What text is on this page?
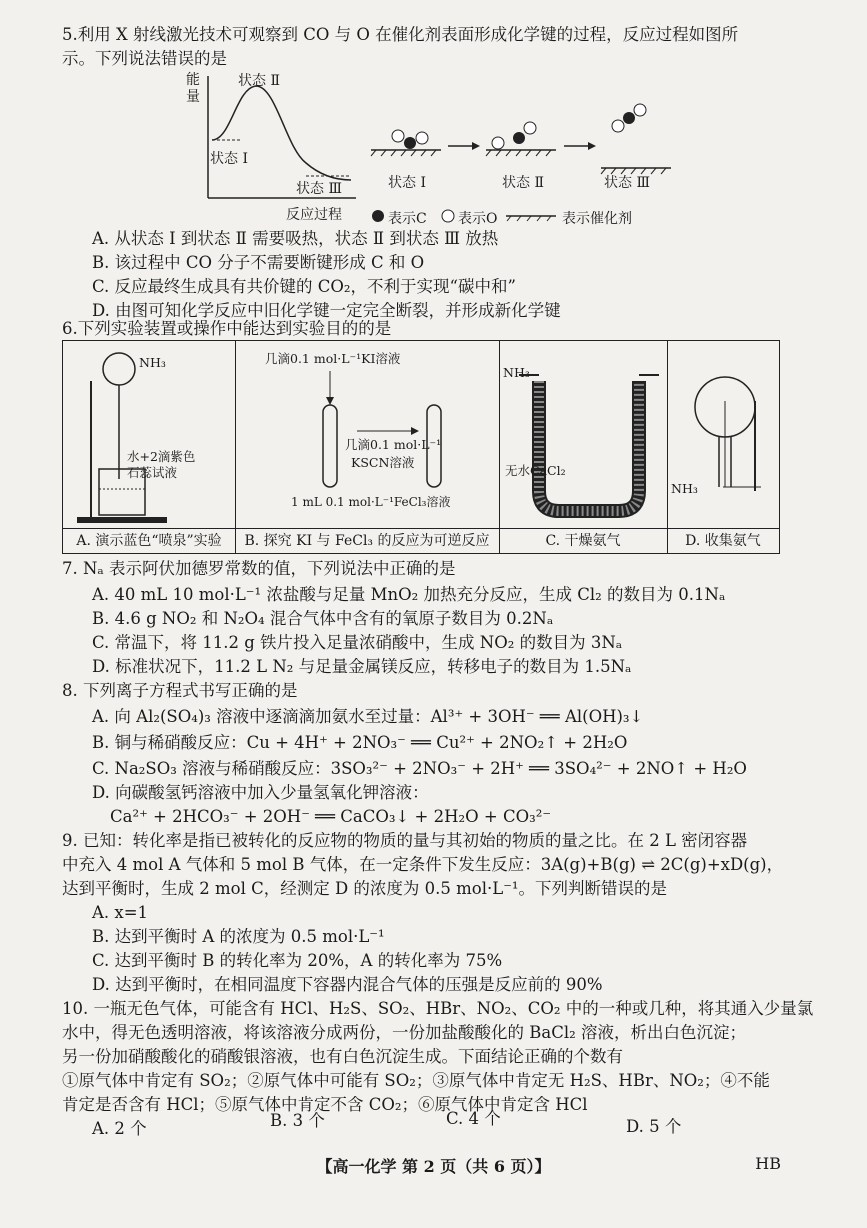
5.利用 X 射线激光技术可观察到 CO 与 O 在催化剂表面形成化学键的过程，反应过程如图所
示。下列说法错误的是
能量
状态 Ⅱ
状态 Ⅰ
状态 Ⅲ
反应过程
状态 Ⅰ	状态 Ⅱ	状态 Ⅲ
表示C 表示O	表示催化剂
A. 从状态 Ⅰ 到状态 Ⅱ 需要吸热，状态 Ⅱ 到状态 Ⅲ 放热
B. 该过程中 CO 分子不需要断键形成 C 和 O
C. 反应最终生成具有共价键的 CO₂，不利于实现“碳中和”
D. 由图可知化学反应中旧化学键一定完全断裂，并形成新化学键
6.下列实验装置或操作中能达到实验目的的是
NH₃
水+2滴紫色
石蕊试液
A. 演示蓝色“喷泉”实验
几滴0.1 mol·L⁻¹KI溶液
几滴0.1 mol·L⁻¹
KSCN溶液
1 mL 0.1 mol·L⁻¹FeCl₃溶液
B. 探究 KI 与 FeCl₃ 的反应为可逆反应
NH₃
无水CaCl₂
C. 干燥氨气
NH₃
D. 收集氨气
7. Nₐ 表示阿伏加德罗常数的值，下列说法中正确的是
A. 40 mL 10 mol·L⁻¹ 浓盐酸与足量 MnO₂ 加热充分反应，生成 Cl₂ 的数目为 0.1Nₐ
B. 4.6 g NO₂ 和 N₂O₄ 混合气体中含有的氧原子数目为 0.2Nₐ
C. 常温下，将 11.2 g 铁片投入足量浓硝酸中，生成 NO₂ 的数目为 3Nₐ
D. 标准状况下，11.2 L N₂ 与足量金属镁反应，转移电子的数目为 1.5Nₐ
8. 下列离子方程式书写正确的是
A. 向 Al₂(SO₄)₃ 溶液中逐滴滴加氨水至过量：Al³⁺ + 3OH⁻ ══ Al(OH)₃↓
B. 铜与稀硝酸反应：Cu + 4H⁺ + 2NO₃⁻ ══ Cu²⁺ + 2NO₂↑ + 2H₂O
C. Na₂SO₃ 溶液与稀硝酸反应：3SO₃²⁻ + 2NO₃⁻ + 2H⁺ ══ 3SO₄²⁻ + 2NO↑ + H₂O
D. 向碳酸氢钙溶液中加入少量氢氧化钾溶液：
Ca²⁺ + 2HCO₃⁻ + 2OH⁻ ══ CaCO₃↓ + 2H₂O + CO₃²⁻
9. 已知：转化率是指已被转化的反应物的物质的量与其初始的物质的量之比。在 2 L 密闭容器
中充入 4 mol A 气体和 5 mol B 气体，在一定条件下发生反应：3A(g)+B(g) ⇌ 2C(g)+xD(g)，
达到平衡时，生成 2 mol C，经测定 D 的浓度为 0.5 mol·L⁻¹。下列判断错误的是
A. x=1
B. 达到平衡时 A 的浓度为 0.5 mol·L⁻¹
C. 达到平衡时 B 的转化率为 20%，A 的转化率为 75%
D. 达到平衡时，在相同温度下容器内混合气体的压强是反应前的 90%
10. 一瓶无色气体，可能含有 HCl、H₂S、SO₂、HBr、NO₂、CO₂ 中的一种或几种，将其通入少量氯
水中，得无色透明溶液，将该溶液分成两份，一份加盐酸酸化的 BaCl₂ 溶液，析出白色沉淀；
另一份加硝酸酸化的硝酸银溶液，也有白色沉淀生成。下面结论正确的个数有
①原气体中肯定有 SO₂；②原气体中可能有 SO₂；③原气体中肯定无 H₂S、HBr、NO₂；④不能
肯定是否含有 HCl；⑤原气体中肯定不含 CO₂；⑥原气体中肯定含 HCl
A. 2 个	B. 3 个	C. 4 个	D. 5 个
【高一化学 第 2 页（共 6 页）】	HB
